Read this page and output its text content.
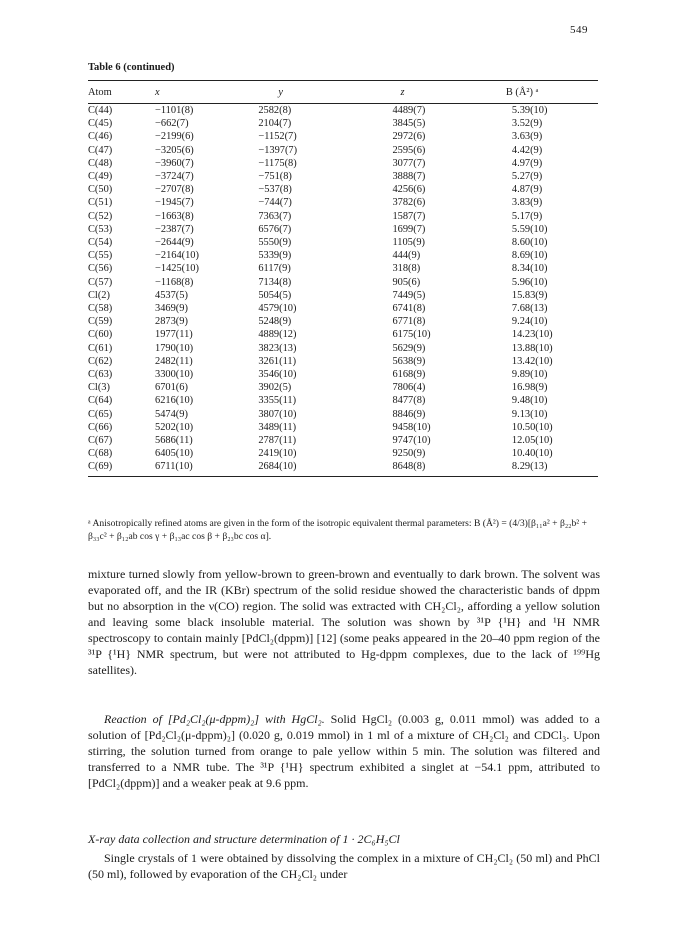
549
Table 6 (continued)
Atom	x	y	z	B (Å²) ᵃ
C(44)	−1101(8)	2582(8)	4489(7)	5.39(10)
C(45)	−662(7)	2104(7)	3845(5)	3.52(9)
C(46)	−2199(6)	−1152(7)	2972(6)	3.63(9)
C(47)	−3205(6)	−1397(7)	2595(6)	4.42(9)
C(48)	−3960(7)	−1175(8)	3077(7)	4.97(9)
C(49)	−3724(7)	−751(8)	3888(7)	5.27(9)
C(50)	−2707(8)	−537(8)	4256(6)	4.87(9)
C(51)	−1945(7)	−744(7)	3782(6)	3.83(9)
C(52)	−1663(8)	7363(7)	1587(7)	5.17(9)
C(53)	−2387(7)	6576(7)	1699(7)	5.59(10)
C(54)	−2644(9)	5550(9)	1105(9)	8.60(10)
C(55)	−2164(10)	5339(9)	444(9)	8.69(10)
C(56)	−1425(10)	6117(9)	318(8)	8.34(10)
C(57)	−1168(8)	7134(8)	905(6)	5.96(10)
Cl(2)	4537(5)	5054(5)	7449(5)	15.83(9)
C(58)	3469(9)	4579(10)	6741(8)	7.68(13)
C(59)	2873(9)	5248(9)	6771(8)	9.24(10)
C(60)	1977(11)	4889(12)	6175(10)	14.23(10)
C(61)	1790(10)	3823(13)	5629(9)	13.88(10)
C(62)	2482(11)	3261(11)	5638(9)	13.42(10)
C(63)	3300(10)	3546(10)	6168(9)	9.89(10)
Cl(3)	6701(6)	3902(5)	7806(4)	16.98(9)
C(64)	6216(10)	3355(11)	8477(8)	9.48(10)
C(65)	5474(9)	3807(10)	8846(9)	9.13(10)
C(66)	5202(10)	3489(11)	9458(10)	10.50(10)
C(67)	5686(11)	2787(11)	9747(10)	12.05(10)
C(68)	6405(10)	2419(10)	9250(9)	10.40(10)
C(69)	6711(10)	2684(10)	8648(8)	8.29(13)
ᵃ Anisotropically refined atoms are given in the form of the isotropic equivalent thermal parameters: B (Å²) = (4/3)[β₁₁a² + β₂₂b² + β₃₃c² + β₁₂ab cos γ + β₁₃ac cos β + β₂₃bc cos α].
mixture turned slowly from yellow-brown to green-brown and eventually to dark brown. The solvent was evaporated off, and the IR (KBr) spectrum of the solid residue showed the characteristic bands of dppm but no absorption in the ν(CO) region. The solid was extracted with CH₂Cl₂, affording a yellow solution and leaving some black insoluble material. The solution was shown by ³¹P {¹H} and ¹H NMR spectroscopy to contain mainly [PdCl₂(dppm)] [12] (some peaks appeared in the 20–40 ppm region of the ³¹P {¹H} NMR spectrum, but were not attributed to Hg-dppm complexes, due to the lack of ¹⁹⁹Hg satellites).
Reaction of [Pd₂Cl₂(μ-dppm)₂] with HgCl₂. Solid HgCl₂ (0.003 g, 0.011 mmol) was added to a solution of [Pd₂Cl₂(μ-dppm)₂] (0.020 g, 0.019 mmol) in 1 ml of a mixture of CH₂Cl₂ and CDCl₃. Upon stirring, the solution turned from orange to pale yellow within 5 min. The solution was filtered and transferred to a NMR tube. The ³¹P {¹H} spectrum exhibited a singlet at −54.1 ppm, attributed to [PdCl₂(dppm)] and a weaker peak at 9.6 ppm.
X-ray data collection and structure determination of 1 · 2C₆H₅Cl
Single crystals of 1 were obtained by dissolving the complex in a mixture of CH₂Cl₂ (50 ml) and PhCl (50 ml), followed by evaporation of the CH₂Cl₂ under
